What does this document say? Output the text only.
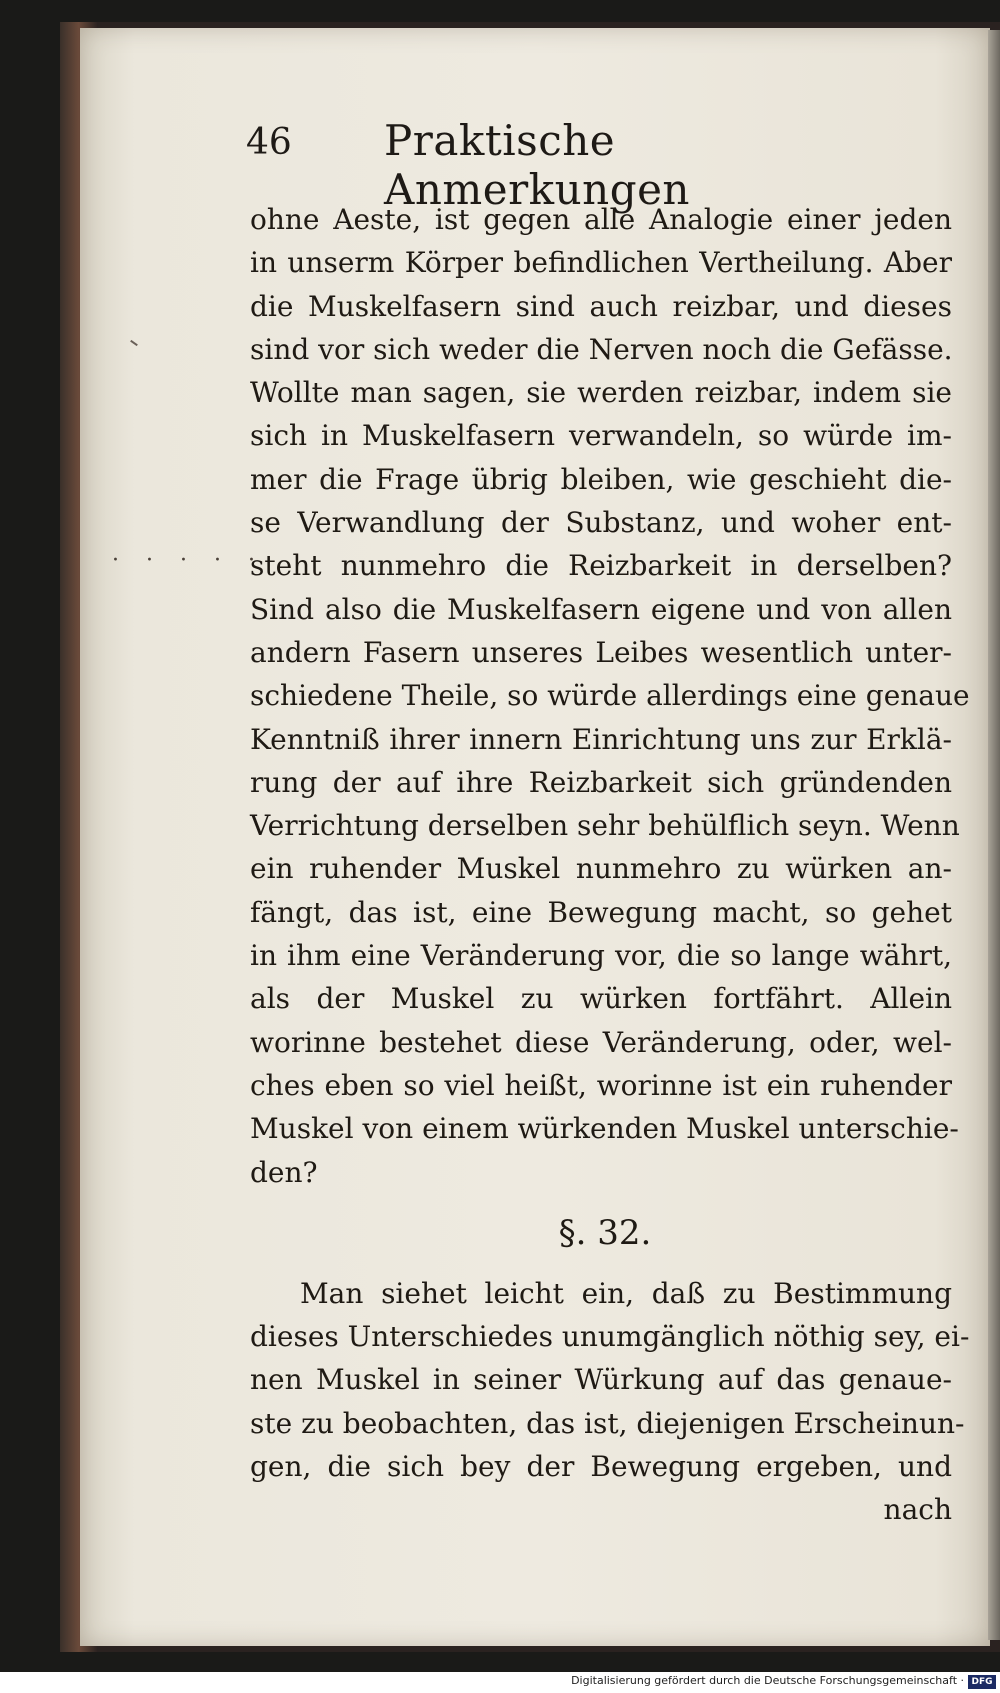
46 Praktische Anmerkungen
· · · · ·
ohne Aeste, ist gegen alle Analogie einer jeden
in unserm Körper befindlichen Vertheilung. Aber
die Muskelfasern sind auch reizbar, und dieses
sind vor sich weder die Nerven noch die Gefässe.
Wollte man sagen, sie werden reizbar, indem sie
sich in Muskelfasern verwandeln, so würde im-
mer die Frage übrig bleiben, wie geschieht die-
se Verwandlung der Substanz, und woher ent-
steht nunmehro die Reizbarkeit in derselben?
Sind also die Muskelfasern eigene und von allen
andern Fasern unseres Leibes wesentlich unter-
schiedene Theile, so würde allerdings eine genaue
Kenntniß ihrer innern Einrichtung uns zur Erklä-
rung der auf ihre Reizbarkeit sich gründenden
Verrichtung derselben sehr behülflich seyn. Wenn
ein ruhender Muskel nunmehro zu würken an-
fängt, das ist, eine Bewegung macht, so gehet
in ihm eine Veränderung vor, die so lange währt,
als der Muskel zu würken fortfährt. Allein
worinne bestehet diese Veränderung, oder, wel-
ches eben so viel heißt, worinne ist ein ruhender
Muskel von einem würkenden Muskel unterschie-
den?
§. 32.
Man siehet leicht ein, daß zu Bestimmung
dieses Unterschiedes unumgänglich nöthig sey, ei-
nen Muskel in seiner Würkung auf das genaue-
ste zu beobachten, das ist, diejenigen Erscheinun-
gen, die sich bey der Bewegung ergeben, und
nach
Digitalisierung gefördert durch die Deutsche Forschungsgemeinschaft · DFG
